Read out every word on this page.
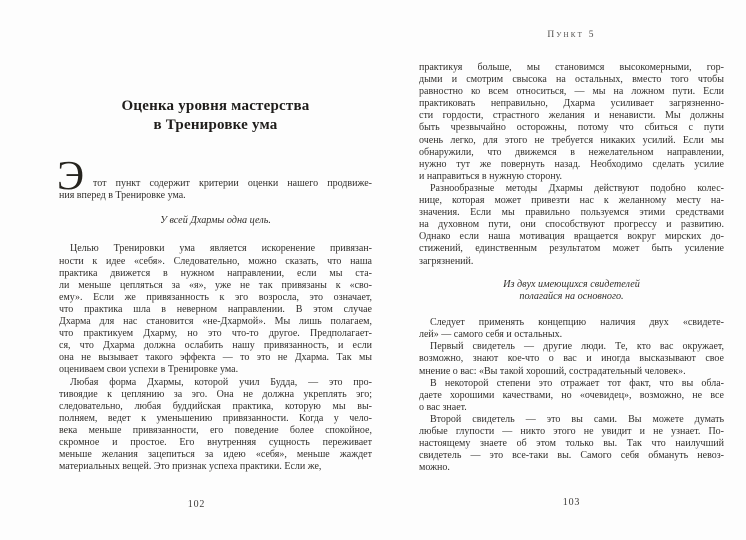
Оценка уровня мастерства
в Тренировке ума
Э тот пункт содержит критерии оценки нашего продвиже-
ния вперед в Тренировке ума.
У всей Дхармы одна цель.
Целью Тренировки ума является искоренение привязан-
ности к идее «себя». Следовательно, можно сказать, что наша
практика движется в нужном направлении, если мы ста-
ли меньше цепляться за «я», уже не так привязаны к «сво-
ему». Если же привязанность к эго возросла, это означает,
что практика шла в неверном направлении. В этом случае
Дхарма для нас становится «не-Дхармой». Мы лишь полагаем,
что практикуем Дхарму, но это что-то другое. Предполагает-
ся, что Дхарма должна ослабить нашу привязанность, и если
она не вызывает такого эффекта — то это не Дхарма. Так мы
оцениваем свои успехи в Тренировке ума.
Любая форма Дхармы, которой учил Будда, — это про-
тивоядие к цеплянию за эго. Она не должна укреплять эго;
следовательно, любая буддийская практика, которую мы вы-
полняем, ведет к уменьшению привязанности. Когда у чело-
века меньше привязанности, его поведение более спокойное,
скромное и простое. Его внутренняя сущность переживает
меньше желания зацепиться за идею «себя», меньше жаждет
материальных вещей. Это признак успеха практики. Если же,
102
Пункт 5
практикуя больше, мы становимся высокомерными, гор-
дыми и смотрим свысока на остальных, вместо того чтобы
равностно ко всем относиться, — мы на ложном пути. Если
практиковать неправильно, Дхарма усиливает загрязненно-
сти гордости, страстного желания и ненависти. Мы должны
быть чрезвычайно осторожны, потому что сбиться с пути
очень легко, для этого не требуется никаких усилий. Если мы
обнаружили, что движемся в нежелательном направлении,
нужно тут же повернуть назад. Необходимо сделать усилие
и направиться в нужную сторону.
Разнообразные методы Дхармы действуют подобно колес-
нице, которая может привезти нас к желанному месту на-
значения. Если мы правильно пользуемся этими средствами
на духовном пути, они способствуют прогрессу и развитию.
Однако если наша мотивация вращается вокруг мирских до-
стижений, единственным результатом может быть усиление
загрязнений.
Из двух имеющихся свидетелей
полагайся на основного.
Следует применять концепцию наличия двух «свидете-
лей» — самого себя и остальных.
Первый свидетель — другие люди. Те, кто вас окружает,
возможно, знают кое-что о вас и иногда высказывают свое
мнение о вас: «Вы такой хороший, сострадательный человек».
В некоторой степени это отражает тот факт, что вы обла-
даете хорошими качествами, но «очевидец», возможно, не все
о вас знает.
Второй свидетель — это вы сами. Вы можете думать
любые глупости — никто этого не увидит и не узнает. По-
настоящему знаете об этом только вы. Так что наилучший
свидетель — это все-таки вы. Самого себя обмануть невоз-
можно.
103
